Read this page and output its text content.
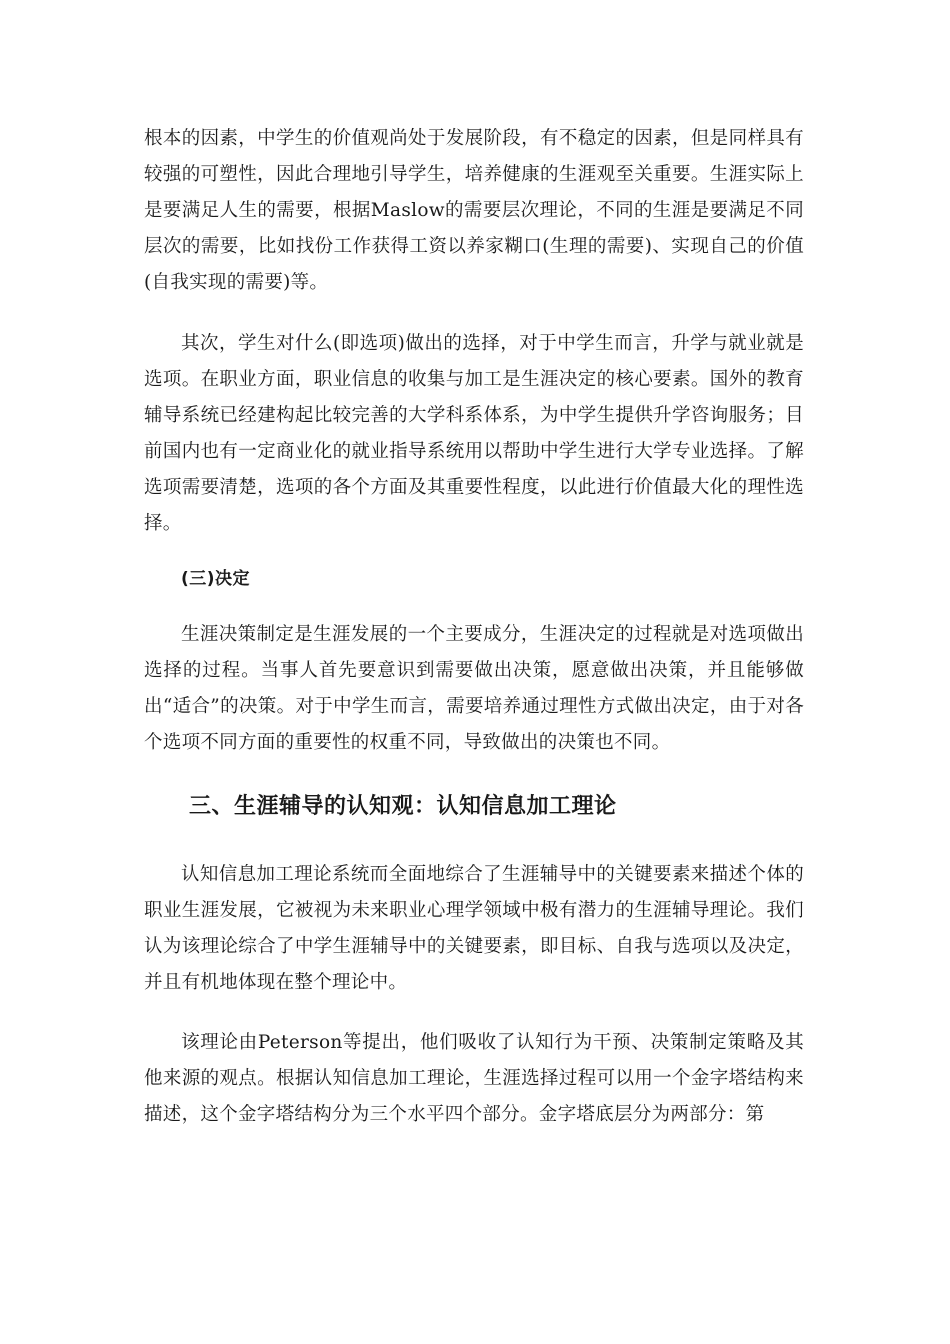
根本的因素，中学生的价值观尚处于发展阶段，有不稳定的因素，但是同样具有较强的可塑性，因此合理地引导学生，培养健康的生涯观至关重要。生涯实际上是要满足人生的需要，根据Maslow的需要层次理论，不同的生涯是要满足不同层次的需要，比如找份工作获得工资以养家糊口(生理的需要)、实现自己的价值(自我实现的需要)等。

其次，学生对什么(即选项)做出的选择，对于中学生而言，升学与就业就是选项。在职业方面，职业信息的收集与加工是生涯决定的核心要素。国外的教育辅导系统已经建构起比较完善的大学科系体系，为中学生提供升学咨询服务；目前国内也有一定商业化的就业指导系统用以帮助中学生进行大学专业选择。了解选项需要清楚，选项的各个方面及其重要性程度，以此进行价值最大化的理性选择。

(三)决定

生涯决策制定是生涯发展的一个主要成分，生涯决定的过程就是对选项做出选择的过程。当事人首先要意识到需要做出决策，愿意做出决策，并且能够做出“适合”的决策。对于中学生而言，需要培养通过理性方式做出决定，由于对各个选项不同方面的重要性的权重不同，导致做出的决策也不同。

三、生涯辅导的认知观：认知信息加工理论

认知信息加工理论系统而全面地综合了生涯辅导中的关键要素来描述个体的职业生涯发展，它被视为未来职业心理学领域中极有潜力的生涯辅导理论。我们认为该理论综合了中学生涯辅导中的关键要素，即目标、自我与选项以及决定，并且有机地体现在整个理论中。

该理论由Peterson等提出，他们吸收了认知行为干预、决策制定策略及其他来源的观点。根据认知信息加工理论，生涯选择过程可以用一个金字塔结构来描述，这个金字塔结构分为三个水平四个部分。金字塔底层分为两部分：第
